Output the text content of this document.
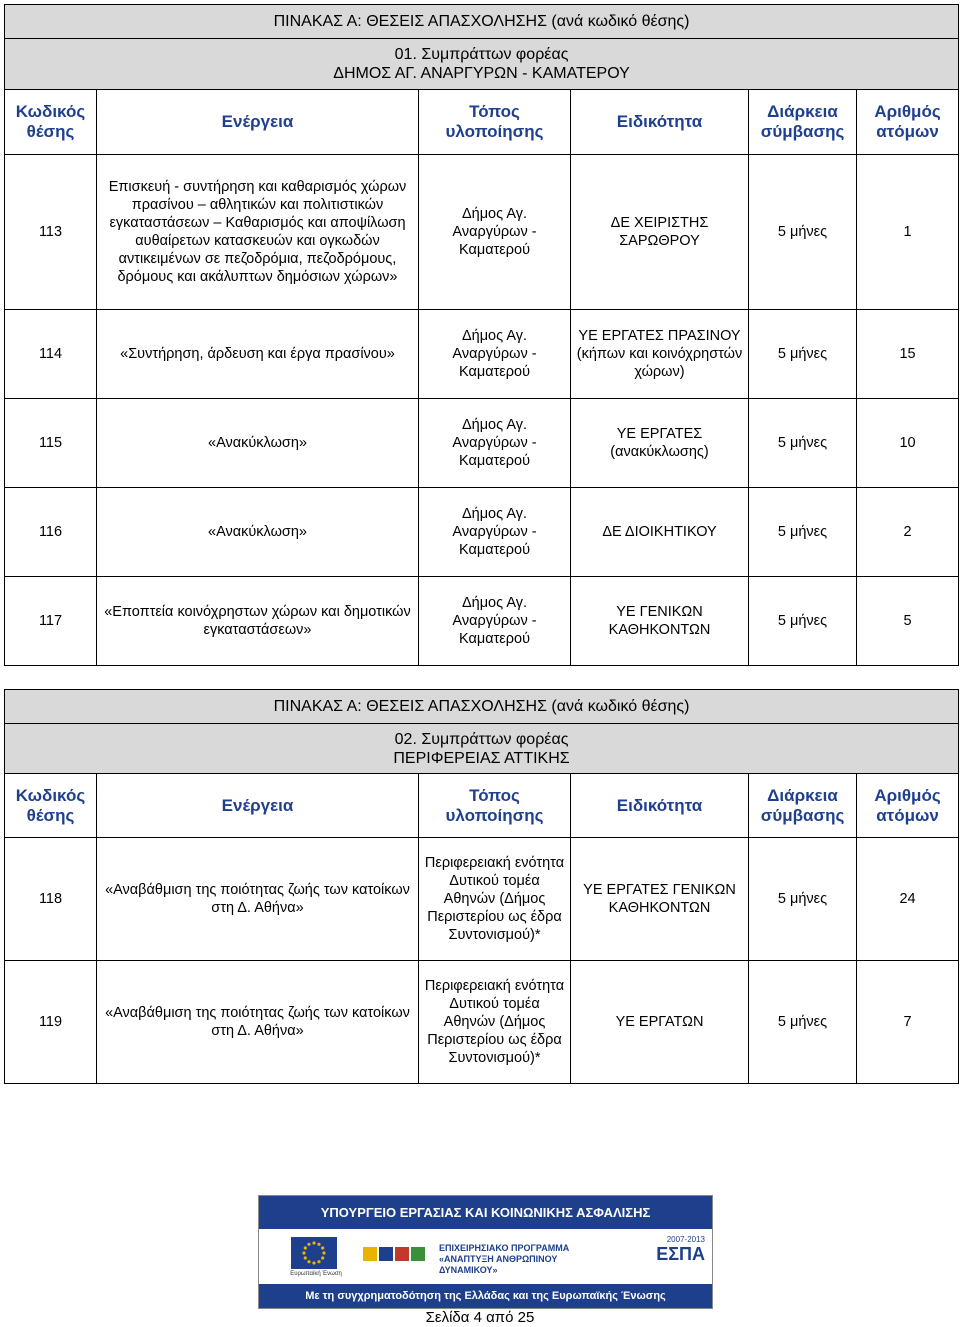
ΠΙΝΑΚΑΣ Α: ΘΕΣΕΙΣ ΑΠΑΣΧΟΛΗΣΗΣ (ανά κωδικό θέσης)					

01. Συμπράττων φορέας
ΔΗΜΟΣ ΑΓ. ΑΝΑΡΓΥΡΩΝ - ΚΑΜΑΤΕΡΟΥ					

Κωδικός θέσης	Ενέργεια	Τόπος υλοποίησης	Ειδικότητα	Διάρκεια σύμβασης	Αριθμός ατόμων
113	Επισκευή - συντήρηση και καθαρισμός χώρων πρασίνου – αθλητικών και πολιτιστικών εγκαταστάσεων – Καθαρισμός και αποψίλωση αυθαίρετων κατασκευών και ογκωδών αντικειμένων σε πεζοδρόμια, πεζοδρόμους, δρόμους και ακάλυπτων δημόσιων χώρων»	Δήμος Αγ. Αναργύρων - Καματερού	ΔΕ ΧΕΙΡΙΣΤΗΣ ΣΑΡΩΘΡΟΥ	5 μήνες	1
114	«Συντήρηση, άρδευση και έργα πρασίνου»	Δήμος Αγ. Αναργύρων - Καματερού	ΥΕ ΕΡΓΑΤΕΣ ΠΡΑΣΙΝΟΥ (κήπων και κοινόχρηστών χώρων)	5 μήνες	15
115	«Ανακύκλωση»	Δήμος Αγ. Αναργύρων - Καματερού	ΥΕ ΕΡΓΑΤΕΣ (ανακύκλωσης)	5 μήνες	10
116	«Ανακύκλωση»	Δήμος Αγ. Αναργύρων - Καματερού	ΔΕ ΔΙΟΙΚΗΤΙΚΟΥ	5 μήνες	2
117	«Εποπτεία κοινόχρηστων χώρων και δημοτικών εγκαταστάσεων»	Δήμος Αγ. Αναργύρων - Καματερού	ΥΕ ΓΕΝΙΚΩΝ ΚΑΘΗΚΟΝΤΩΝ	5 μήνες	5
ΠΙΝΑΚΑΣ Α: ΘΕΣΕΙΣ ΑΠΑΣΧΟΛΗΣΗΣ (ανά κωδικό θέσης)					

02. Συμπράττων φορέας
ΠΕΡΙΦΕΡΕΙΑΣ ΑΤΤΙΚΗΣ					

Κωδικός θέσης	Ενέργεια	Τόπος υλοποίησης	Ειδικότητα	Διάρκεια σύμβασης	Αριθμός ατόμων
118	«Αναβάθμιση της ποιότητας ζωής των κατοίκων στη Δ. Αθήνα»	Περιφερειακή ενότητα Δυτικού τομέα Αθηνών (Δήμος Περιστερίου ως έδρα Συντονισμού)*	ΥΕ ΕΡΓΑΤΕΣ ΓΕΝΙΚΩΝ ΚΑΘΗΚΟΝΤΩΝ	5 μήνες	24
119	«Αναβάθμιση της ποιότητας ζωής των κατοίκων στη Δ. Αθήνα»	Περιφερειακή ενότητα Δυτικού τομέα Αθηνών (Δήμος Περιστερίου ως έδρα Συντονισμού)*	ΥΕ ΕΡΓΑΤΩΝ	5 μήνες	7
ΥΠΟΥΡΓΕΙΟ ΕΡΓΑΣΙΑΣ ΚΑΙ ΚΟΙΝΩΝΙΚΗΣ ΑΣΦΑΛΙΣΗΣ
Ευρωπαϊκή Ένωση
ΕΠΙΧΕΙΡΗΣΙΑΚΟ ΠΡΟΓΡΑΜΜΑ «ΑΝΑΠΤΥΞΗ ΑΝΘΡΩΠΙΝΟΥ ΔΥΝΑΜΙΚΟΥ»
2007-2013
ΕΣΠΑ
Με τη συγχρηματοδότηση της Ελλάδας και της Ευρωπαϊκής Ένωσης
Σελίδα 4 από 25
